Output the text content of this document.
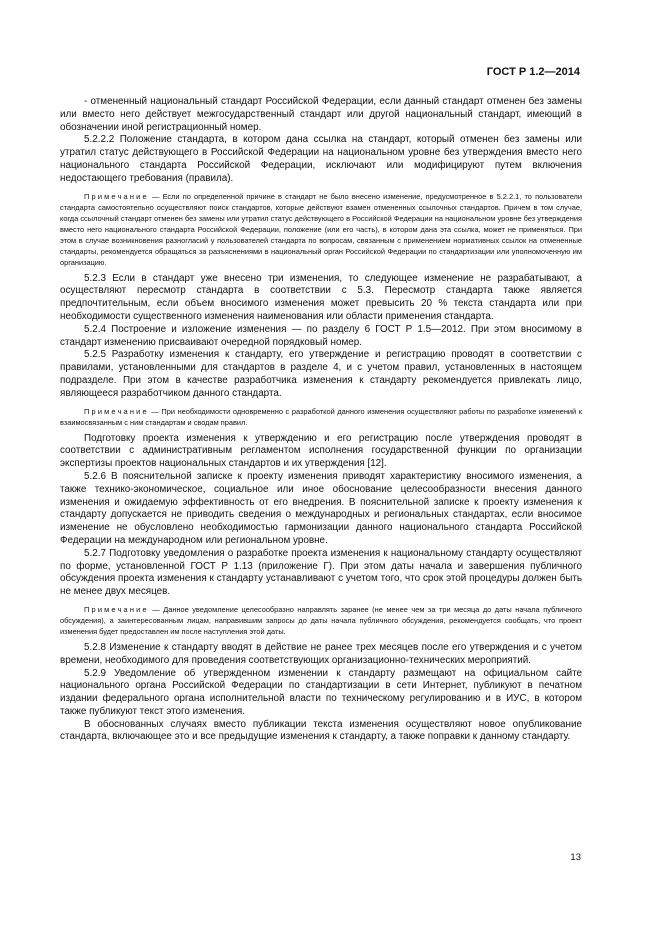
ГОСТ Р 1.2—2014

- отмененный национальный стандарт Российской Федерации, если данный стандарт отменен без замены или вместо него действует межгосударственный стандарт или другой национальный стандарт, имеющий в обозначении иной регистрационный номер.

5.2.2.2 Положение стандарта, в котором дана ссылка на стандарт, который отменен без замены или утратил статус действующего в Российской Федерации на национальном уровне без утверждения вместо него национального стандарта Российской Федерации, исключают или модифицируют путем включения недостающего требования (правила).

Примечание — Если по определенной причине в стандарт не было внесено изменение, предусмотренное в 5.2.2.1, то пользователи стандарта самостоятельно осуществляют поиск стандартов, которые действуют взамен отмененных ссылочных стандартов. Причем в том случае, когда ссылочный стандарт отменен без замены или утратил статус действующего в Российской Федерации на национальном уровне без утверждения вместо него национального стандарта Российской Федерации, положение (или его часть), в котором дана эта ссылка, может не применяться. При этом в случае возникновения разногласий у пользователей стандарта по вопросам, связанным с применением нормативных ссылок на отмененные стандарты, рекомендуется обращаться за разъяснениями в национальный орган Российской Федерации по стандартизации или уполномоченную им организацию.

5.2.3 Если в стандарт уже внесено три изменения, то следующее изменение не разрабатывают, а осуществляют пересмотр стандарта в соответствии с 5.3. Пересмотр стандарта также является предпочтительным, если объем вносимого изменения может превысить 20 % текста стандарта или при необходимости существенного изменения наименования или области применения стандарта.

5.2.4 Построение и изложение изменения — по разделу 6 ГОСТ Р 1.5—2012. При этом вносимому в стандарт изменению присваивают очередной порядковый номер.

5.2.5 Разработку изменения к стандарту, его утверждение и регистрацию проводят в соответствии с правилами, установленными для стандартов в разделе 4, и с учетом правил, установленных в настоящем подразделе. При этом в качестве разработчика изменения к стандарту рекомендуется привлекать лицо, являющееся разработчиком данного стандарта.

Примечание — При необходимости одновременно с разработкой данного изменения осуществляют работы по разработке изменений к взаимосвязанным с ним стандартам и сводам правил.

Подготовку проекта изменения к утверждению и его регистрацию после утверждения проводят в соответствии с административным регламентом исполнения государственной функции по организации экспертизы проектов национальных стандартов и их утверждения [12].

5.2.6 В пояснительной записке к проекту изменения приводят характеристику вносимого изменения, а также технико-экономическое, социальное или иное обоснование целесообразности внесения данного изменения и ожидаемую эффективность от его внедрения. В пояснительной записке к проекту изменения к стандарту допускается не приводить сведения о международных и региональных стандартах, если вносимое изменение не обусловлено необходимостью гармонизации данного национального стандарта Российской Федерации на международном или региональном уровне.

5.2.7 Подготовку уведомления о разработке проекта изменения к национальному стандарту осуществляют по форме, установленной ГОСТ Р 1.13 (приложение Г). При этом даты начала и завершения публичного обсуждения проекта изменения к стандарту устанавливают с учетом того, что срок этой процедуры должен быть не менее двух месяцев.

Примечание — Данное уведомление целесообразно направлять заранее (не менее чем за три месяца до даты начала публичного обсуждения), а заинтересованным лицам, направившим запросы до даты начала публичного обсуждения, рекомендуется сообщать, что проект изменения будет предоставлен им после наступления этой даты.

5.2.8 Изменение к стандарту вводят в действие не ранее трех месяцев после его утверждения и с учетом времени, необходимого для проведения соответствующих организационно-технических мероприятий.

5.2.9 Уведомление об утвержденном изменении к стандарту размещают на официальном сайте национального органа Российской Федерации по стандартизации в сети Интернет, публикуют в печатном издании федерального органа исполнительной власти по техническому регулированию и в ИУС, в котором также публикуют текст этого изменения.

В обоснованных случаях вместо публикации текста изменения осуществляют новое опубликование стандарта, включающее это и все предыдущие изменения к стандарту, а также поправки к данному стандарту.

13
